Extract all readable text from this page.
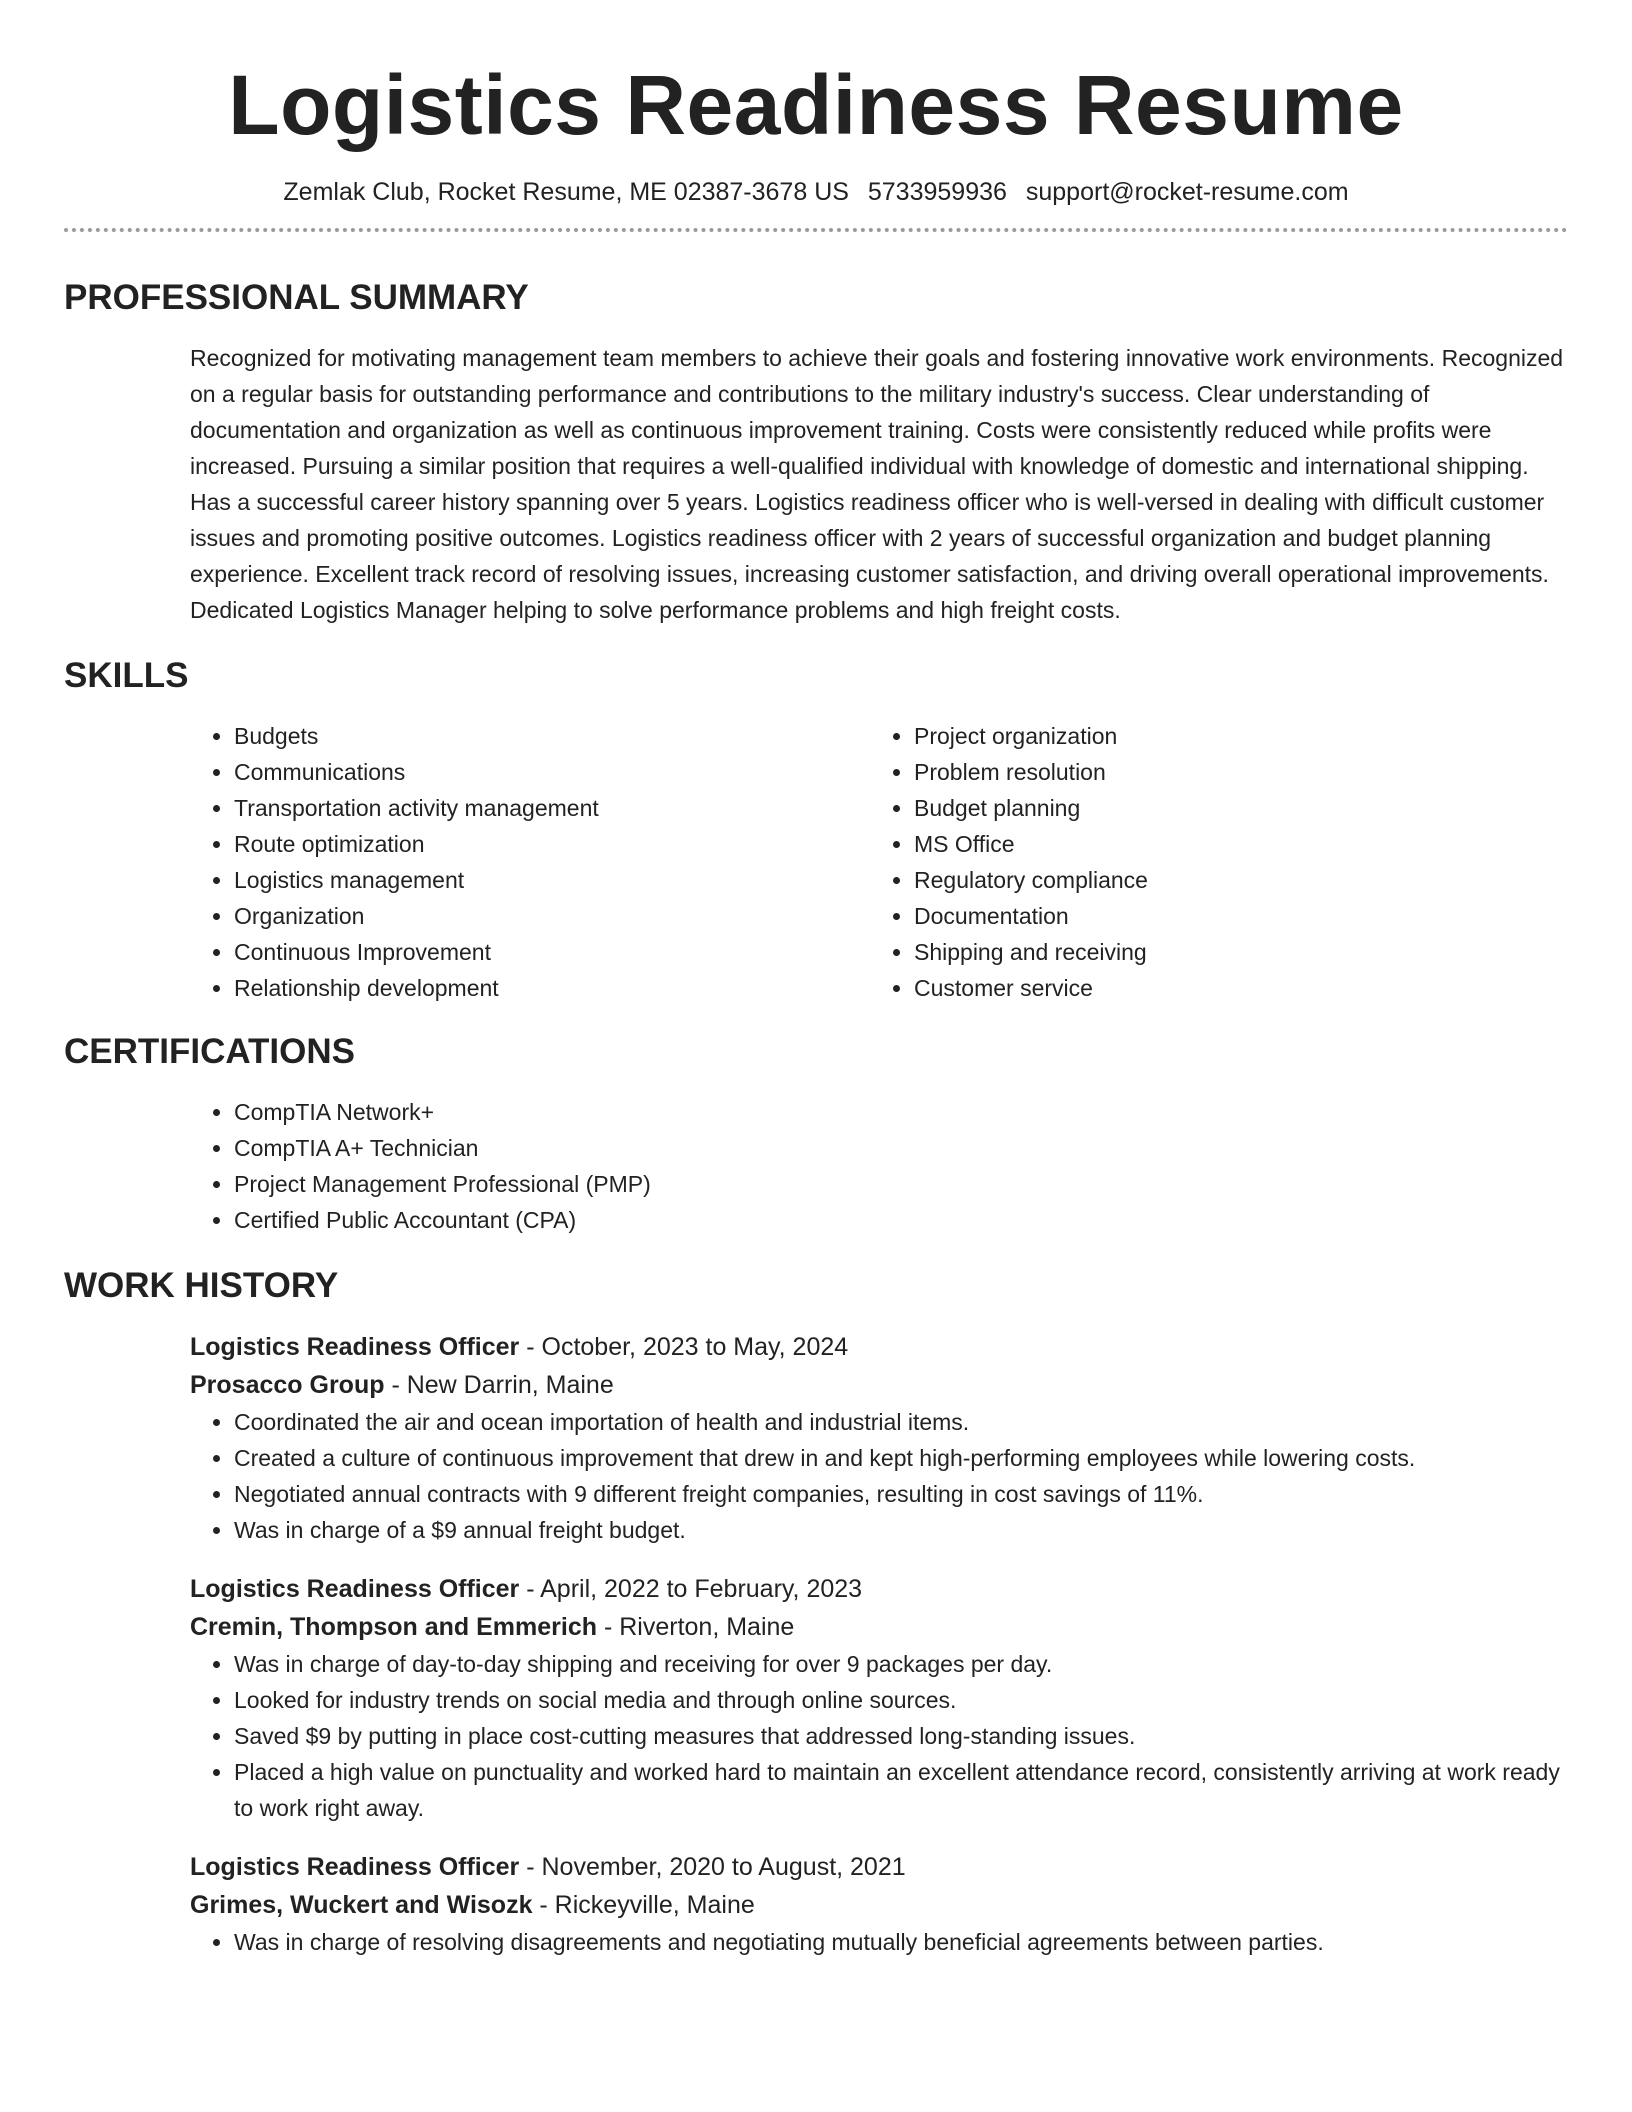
Logistics Readiness Resume
Zemlak Club, Rocket Resume, ME 02387-3678 US 5733959936 support@rocket-resume.com
PROFESSIONAL SUMMARY

Recognized for motivating management team members to achieve their goals and fostering innovative work environments. Recognized on a regular basis for outstanding performance and contributions to the military industry's success. Clear understanding of documentation and organization as well as continuous improvement training. Costs were consistently reduced while profits were increased. Pursuing a similar position that requires a well-qualified individual with knowledge of domestic and international shipping. Has a successful career history spanning over 5 years. Logistics readiness officer who is well-versed in dealing with difficult customer issues and promoting positive outcomes. Logistics readiness officer with 2 years of successful organization and budget planning experience. Excellent track record of resolving issues, increasing customer satisfaction, and driving overall operational improvements. Dedicated Logistics Manager helping to solve performance problems and high freight costs.

SKILLS
• Budgets
• Communications
• Transportation activity management
• Route optimization
• Logistics management
• Organization
• Continuous Improvement
• Relationship development
• Project organization
• Problem resolution
• Budget planning
• MS Office
• Regulatory compliance
• Documentation
• Shipping and receiving
• Customer service
CERTIFICATIONS
• CompTIA Network+
• CompTIA A+ Technician
• Project Management Professional (PMP)
• Certified Public Accountant (CPA)
WORK HISTORY
Logistics Readiness Officer - October, 2023 to May, 2024
Prosacco Group - New Darrin, Maine
• Coordinated the air and ocean importation of health and industrial items.
• Created a culture of continuous improvement that drew in and kept high-performing employees while lowering costs.
• Negotiated annual contracts with 9 different freight companies, resulting in cost savings of 11%.
• Was in charge of a $9 annual freight budget.
Logistics Readiness Officer - April, 2022 to February, 2023
Cremin, Thompson and Emmerich - Riverton, Maine
• Was in charge of day-to-day shipping and receiving for over 9 packages per day.
• Looked for industry trends on social media and through online sources.
• Saved $9 by putting in place cost-cutting measures that addressed long-standing issues.
• Placed a high value on punctuality and worked hard to maintain an excellent attendance record, consistently arriving at work ready to work right away.
Logistics Readiness Officer - November, 2020 to August, 2021
Grimes, Wuckert and Wisozk - Rickeyville, Maine
• Was in charge of resolving disagreements and negotiating mutually beneficial agreements between parties.
